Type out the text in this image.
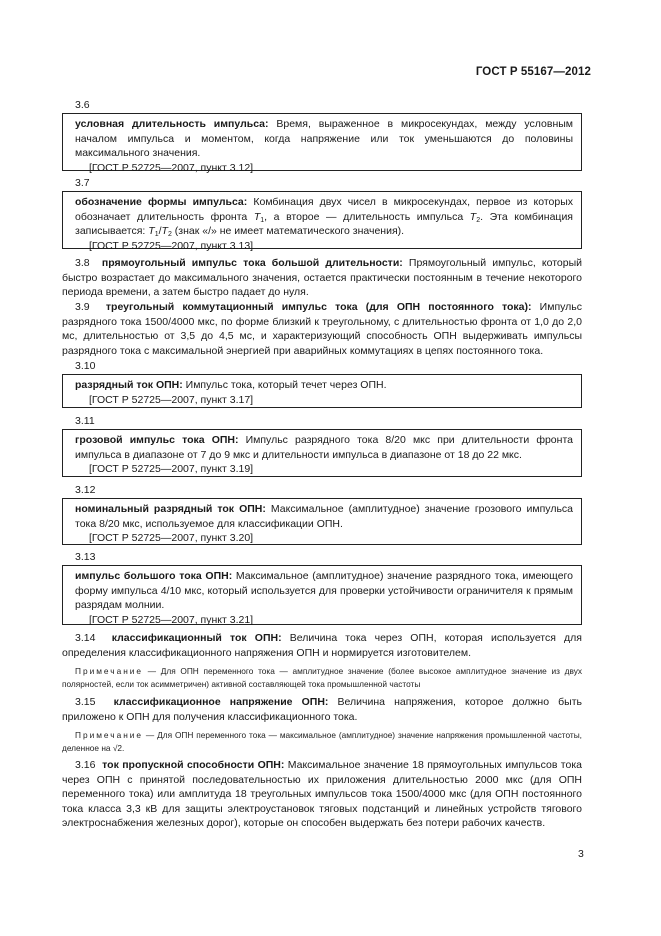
ГОСТ Р 55167—2012
3.6
условная длительность импульса: Время, выраженное в микросекундах, между условным началом импульса и моментом, когда напряжение или ток уменьшаются до половины максимального значения.
[ГОСТ Р 52725—2007, пункт 3.12]
3.7
обозначение формы импульса: Комбинация двух чисел в микросекундах, первое из которых обозначает длительность фронта $T_1$, а второе — длительность импульса $T_2$. Эта комбинация записывается: $T_1/T_2$ (знак «/» не имеет математического значения).
[ГОСТ Р 52725—2007, пункт 3.13]
3.8 прямоугольный импульс тока большой длительности: Прямоугольный импульс, который быстро возрастает до максимального значения, остается практически постоянным в течение некоторого периода времени, а затем быстро падает до нуля.
3.9 треугольный коммутационный импульс тока (для ОПН постоянного тока): Импульс разрядного тока 1500/4000 мкс, по форме близкий к треугольному, с длительностью фронта от 1,0 до 2,0 мс, длительностью от 3,5 до 4,5 мс, и характеризующий способность ОПН выдерживать импульсы разрядного тока с максимальной энергией при аварийных коммутациях в цепях постоянного тока.
3.10
разрядный ток ОПН: Импульс тока, который течет через ОПН.
[ГОСТ Р 52725—2007, пункт 3.17]
3.11
грозовой импульс тока ОПН: Импульс разрядного тока 8/20 мкс при длительности фронта импульса в диапазоне от 7 до 9 мкс и длительности импульса в диапазоне от 18 до 22 мкс.
[ГОСТ Р 52725—2007, пункт 3.19]
3.12
номинальный разрядный ток ОПН: Максимальное (амплитудное) значение грозового импульса тока 8/20 мкс, используемое для классификации ОПН.
[ГОСТ Р 52725—2007, пункт 3.20]
3.13
импульс большого тока ОПН: Максимальное (амплитудное) значение разрядного тока, имеющего форму импульса 4/10 мкс, который используется для проверки устойчивости ограничителя к прямым разрядам молнии.
[ГОСТ Р 52725—2007, пункт 3.21]
3.14 классификационный ток ОПН: Величина тока через ОПН, которая используется для определения классификационного напряжения ОПН и нормируется изготовителем.
Примечание — Для ОПН переменного тока — амплитудное значение (более высокое амплитудное значение из двух полярностей, если ток асимметричен) активной составляющей тока промышленной частоты
3.15 классификационное напряжение ОПН: Величина напряжения, которое должно быть приложено к ОПН для получения классификационного тока.
Примечание — Для ОПН переменного тока — максимальное (амплитудное) значение напряжения промышленной частоты, деленное на √2.
3.16 ток пропускной способности ОПН: Максимальное значение 18 прямоугольных импульсов тока через ОПН с принятой последовательностью их приложения длительностью 2000 мкс (для ОПН переменного тока) или амплитуда 18 треугольных импульсов тока 1500/4000 мкс (для ОПН постоянного тока класса 3,3 кВ для защиты электроустановок тяговых подстанций и линейных устройств тягового электроснабжения железных дорог), которые он способен выдержать без потери рабочих качеств.
3
